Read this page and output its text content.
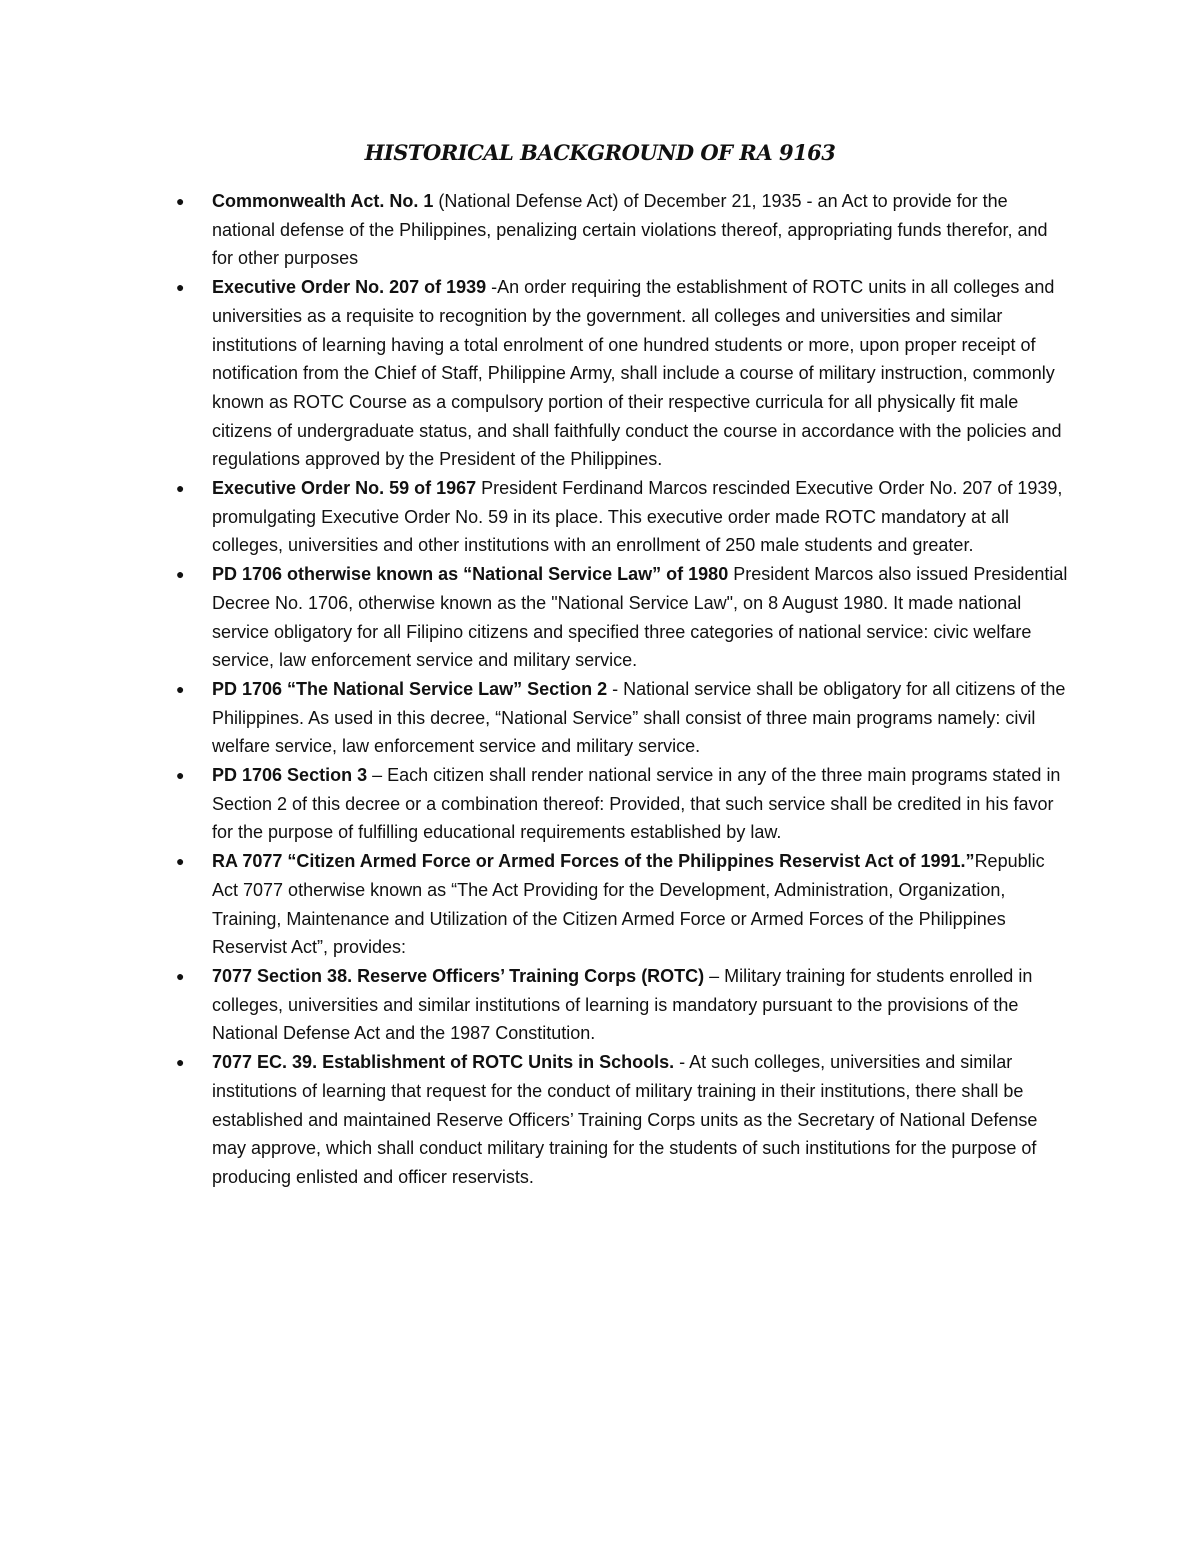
HISTORICAL BACKGROUND OF RA 9163
● Commonwealth Act. No. 1 (National Defense Act) of December 21, 1935 - an Act to provide for the national defense of the Philippines, penalizing certain violations thereof, appropriating funds therefor, and for other purposes
● Executive Order No. 207 of 1939 -An order requiring the establishment of ROTC units in all colleges and universities as a requisite to recognition by the government. all colleges and universities and similar institutions of learning having a total enrolment of one hundred students or more, upon proper receipt of notification from the Chief of Staff, Philippine Army, shall include a course of military instruction, commonly known as ROTC Course as a compulsory portion of their respective curricula for all physically fit male citizens of undergraduate status, and shall faithfully conduct the course in accordance with the policies and regulations approved by the President of the Philippines.
● Executive Order No. 59 of 1967 President Ferdinand Marcos rescinded Executive Order No. 207 of 1939, promulgating Executive Order No. 59 in its place. This executive order made ROTC mandatory at all colleges, universities and other institutions with an enrollment of 250 male students and greater.
● PD 1706 otherwise known as “National Service Law” of 1980 President Marcos also issued Presidential Decree No. 1706, otherwise known as the "National Service Law", on 8 August 1980. It made national service obligatory for all Filipino citizens and specified three categories of national service: civic welfare service, law enforcement service and military service.
● PD 1706 “The National Service Law” Section 2 - National service shall be obligatory for all citizens of the Philippines. As used in this decree, “National Service” shall consist of three main programs namely: civil welfare service, law enforcement service and military service.
● PD 1706 Section 3 – Each citizen shall render national service in any of the three main programs stated in Section 2 of this decree or a combination thereof: Provided, that such service shall be credited in his favor for the purpose of fulfilling educational requirements established by law.
● RA 7077 “Citizen Armed Force or Armed Forces of the Philippines Reservist Act of 1991.”Republic Act 7077 otherwise known as “The Act Providing for the Development, Administration, Organization, Training, Maintenance and Utilization of the Citizen Armed Force or Armed Forces of the Philippines Reservist Act”, provides:
● 7077 Section 38. Reserve Officers’ Training Corps (ROTC) – Military training for students enrolled in colleges, universities and similar institutions of learning is mandatory pursuant to the provisions of the National Defense Act and the 1987 Constitution.
● 7077 EC. 39. Establishment of ROTC Units in Schools. - At such colleges, universities and similar institutions of learning that request for the conduct of military training in their institutions, there shall be established and maintained Reserve Officers’ Training Corps units as the Secretary of National Defense may approve, which shall conduct military training for the students of such institutions for the purpose of producing enlisted and officer reservists.
